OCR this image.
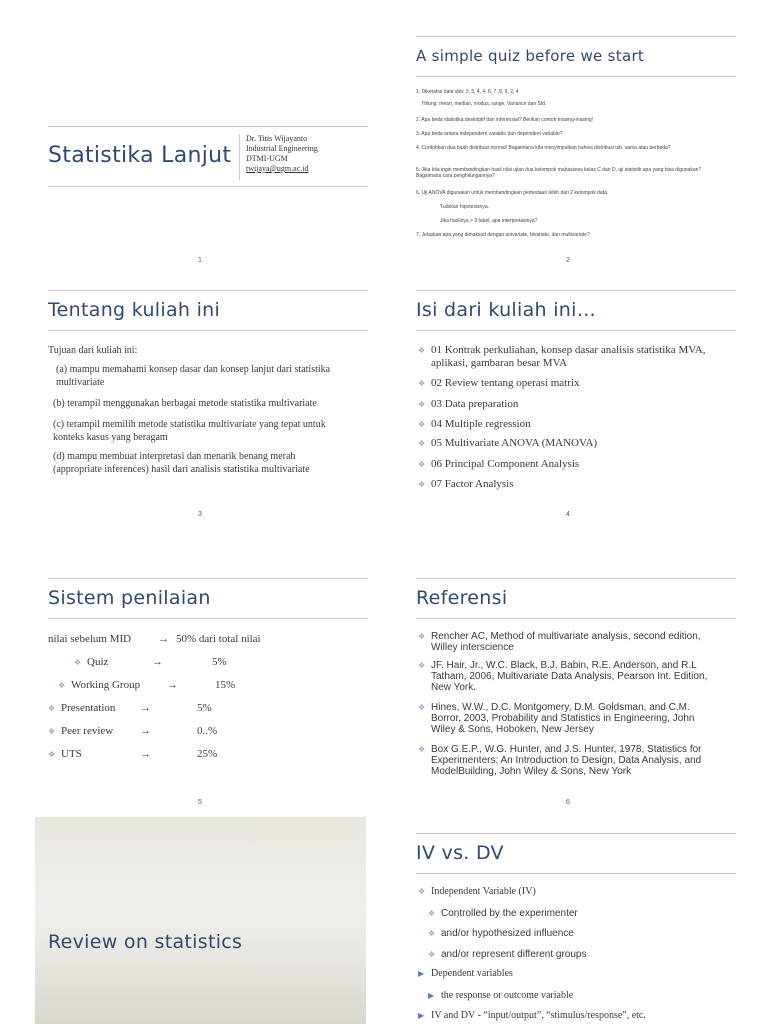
Statistika Lanjut
Dr. Titis Wijayanto
Industrial Engineering
DTMI-UGM
twijaya@ugm.ac.id
1
A simple quiz before we start
1. Diketahui data sbb: 3, 5, 4, 4, 6, 7, 8, 9, 2, 4
Hitung: mean, median, modus, range, Variance dan Std.
2. Apa beda statistika deskriptif dan inferensial? Berikan contoh masing-masing!
3. Apa beda antara independent variable dan dependent variable?
4. Contohkan dua buah distribusi normal! Bagaimana kita menyimpulkan bahwa distribusi tsb. sama atau berbeda?
5. Jika kita ingin membandingkan hasil nilai ujian dua kelompok mahasiswa kelas C dan D, uji statistik apa yang bisa digunakan? Bagaimana cara penghitungannya?
6. Uji ANOVA digunakan untuk membandingkan perbedaan lebih dari 2 kelompok data.
Tuliskan hipotesisnya.
Jika hasilnya > 3 tabel, apa interpretasinya?
7. Jelaskan apa yang dimaksud dengan univariate, bivariate, dan multivariate?
2
Tentang kuliah ini
Tujuan dari kuliah ini:
(a) mampu memahami konsep dasar dan konsep lanjut dari statistika multivariate
(b) terampil menggunakan berbagai metode statistika multivariate
(c) terampil memilih metode statistika multivariate yang tepat untuk konteks kasus yang beragam
(d) mampu membuat interpretasi dan menarik benang merah (appropriate inferences) hasil dari analisis statistika multivariate
3
Isi dari kuliah ini…
❖ 01 Kontrak perkuliahan, konsep dasar analisis statistika MVA, aplikasi, gambaran besar MVA
❖ 02 Review tentang operasi matrix
❖ 03 Data preparation
❖ 04 Multiple regression
❖ 05 Multivariate ANOVA (MANOVA)
❖ 06 Principal Component Analysis
❖ 07 Factor Analysis
4
Sistem penilaian
nilai sebelum MID → 50% dari total nilai
❖ Quiz	→	5%
❖ Working Group	→	15%
❖ Presentation	→	5%
❖ Peer review	→	0..%
❖ UTS	→	25%
5
Referensi
❖ Rencher AC, Method of multivariate analysis, second edition, Willey interscience
❖ JF. Hair, Jr., W.C. Black, B.J. Babin, R.E. Anderson, and R.L Tatham, 2006, Multivariate Data Analysis, Pearson Int. Edition, New York.
❖ Hines, W.W., D.C. Montgomery, D.M. Goldsman, and C.M. Borror, 2003, Probability and Statistics in Engineering, John Wiley & Sons, Hoboken, New Jersey
❖ Box G.E.P., W.G. Hunter, and J.S. Hunter, 1978, Statistics for Experimenters: An Introduction to Design, Data Analysis, and ModelBuilding, John Wiley & Sons, New York
6
Review on statistics
IV vs. DV
❖ Independent Variable (IV)
❖ Controlled by the experimenter
❖ and/or hypothesized influence
❖ and/or represent different groups
▶ Dependent variables
▶ the response or outcome variable
▶ IV and DV - “input/output”, “stimulus/response”, etc.
